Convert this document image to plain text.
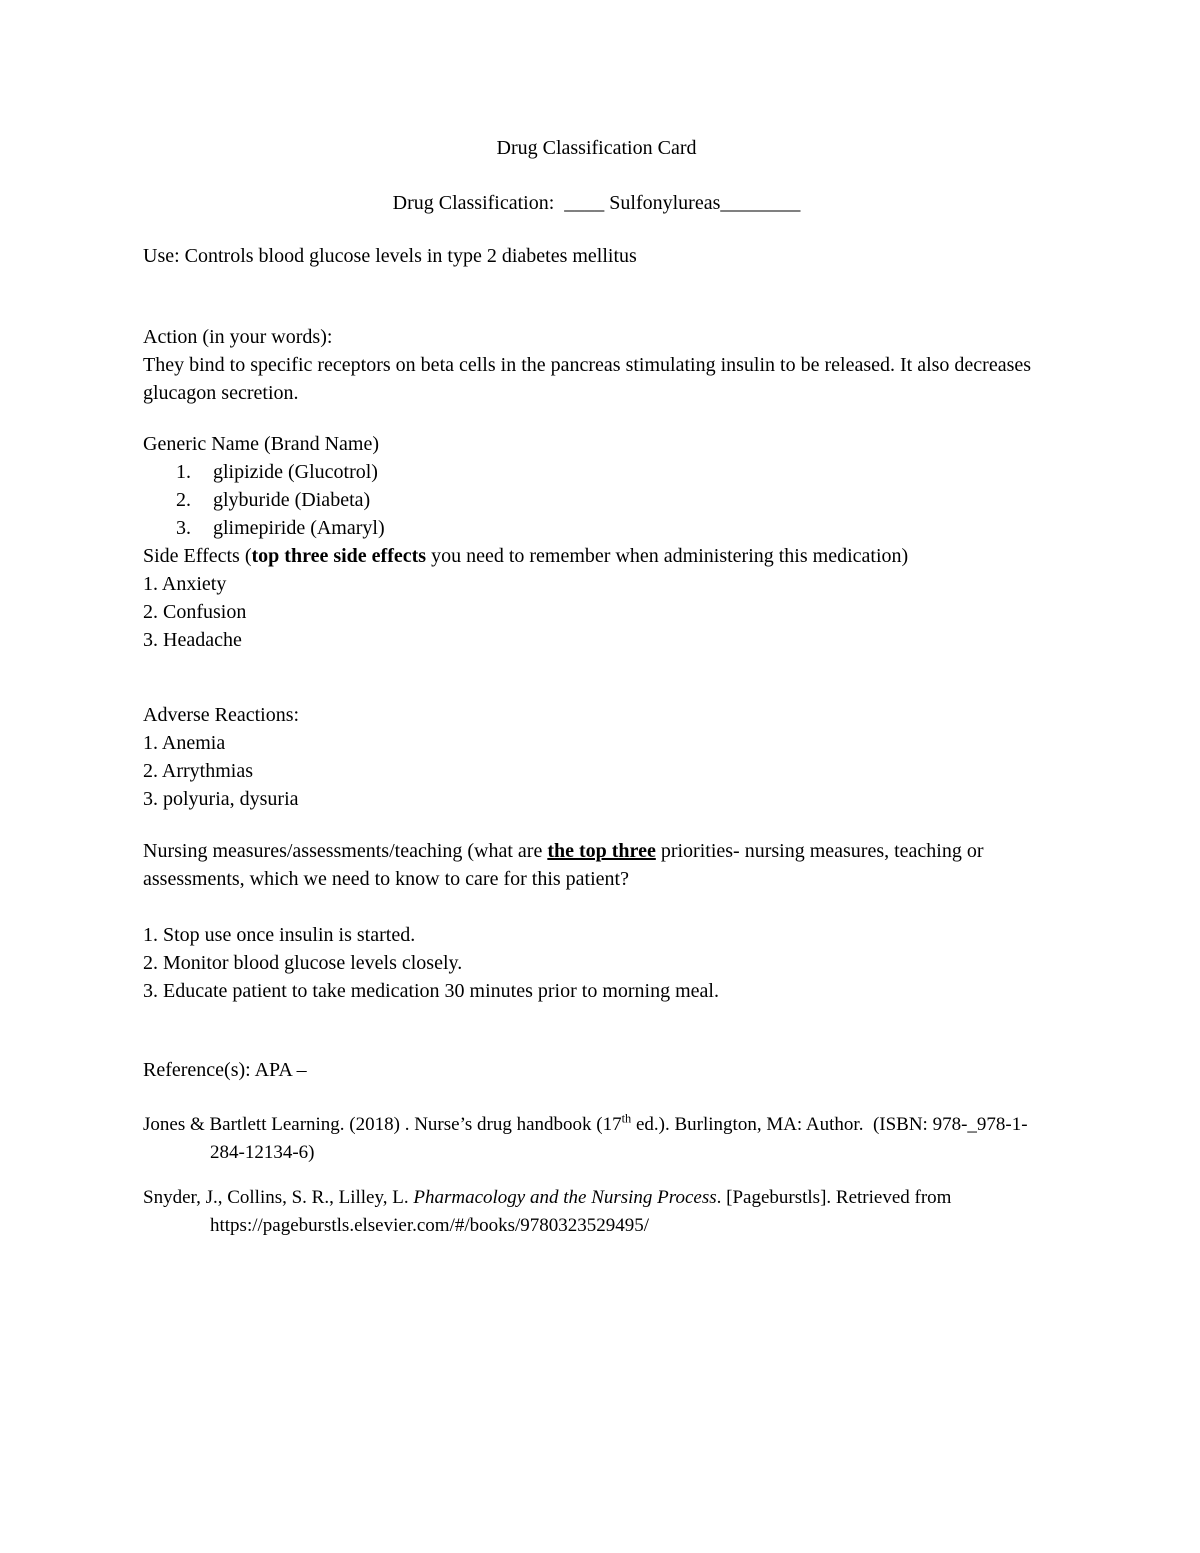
Drug Classification Card

Drug Classification:  ____ Sulfonylureas________

Use: Controls blood glucose levels in type 2 diabetes mellitus

Action (in your words):

They bind to specific receptors on beta cells in the pancreas stimulating insulin to be released. It also decreases glucagon secretion.

Generic Name (Brand Name)

1. glipizide (Glucotrol)
2. glyburide (Diabeta)
3. glimepiride (Amaryl)

Side Effects (top three side effects you need to remember when administering this medication)

1. Anxiety

2. Confusion

3. Headache

Adverse Reactions:

1. Anemia

2. Arrythmias

3. polyuria, dysuria

Nursing measures/assessments/teaching (what are the top three priorities- nursing measures, teaching or assessments, which we need to know to care for this patient?

1. Stop use once insulin is started.

2. Monitor blood glucose levels closely.

3. Educate patient to take medication 30 minutes prior to morning meal.

Reference(s): APA –

Jones & Bartlett Learning. (2018) . Nurse’s drug handbook (17th ed.). Burlington, MA: Author.  (ISBN: 978-_978-1-284-12134-6)

Snyder, J., Collins, S. R., Lilley, L. Pharmacology and the Nursing Process. [Pageburstls]. Retrieved from https://pageburstls.elsevier.com/#/books/9780323529495/
